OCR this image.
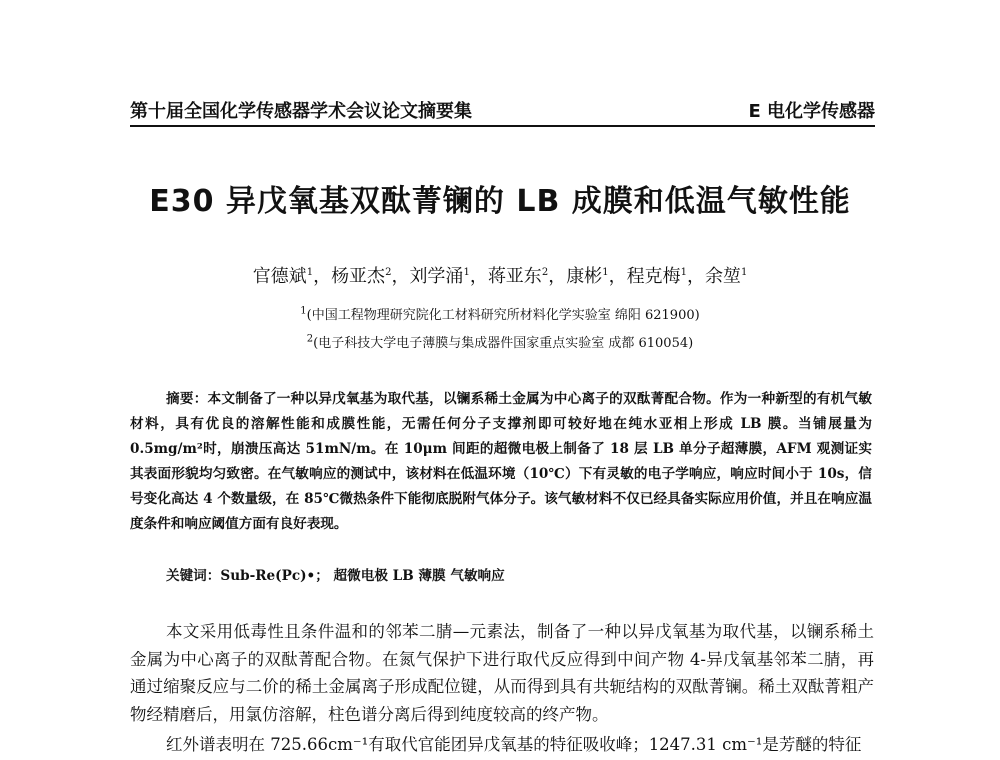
第十届全国化学传感器学术会议论文摘要集	E 电化学传感器
E30 异戊氧基双酞菁镧的 LB 成膜和低温气敏性能
官德斌$^1$，杨亚杰$^2$，刘学涌$^1$，蒋亚东$^2$，康彬$^1$，程克梅$^1$，余堃$^1$
$^1$(中国工程物理研究院化工材料研究所材料化学实验室 绵阳 621900)
$^2$(电子科技大学电子薄膜与集成器件国家重点实验室 成都 610054)

摘要：本文制备了一种以异戊氧基为取代基，以镧系稀土金属为中心离子的双酞菁配合物。作为一种新型的有机气敏材料，具有优良的溶解性能和成膜性能，无需任何分子支撑剂即可较好地在纯水亚相上形成 LB 膜。当铺展量为 0.5mg/m²时，崩溃压高达 51mN/m。在 10μm 间距的超微电极上制备了 18 层 LB 单分子超薄膜，AFM 观测证实其表面形貌均匀致密。在气敏响应的测试中，该材料在低温环境（10℃）下有灵敏的电子学响应，响应时间小于 10s，信号变化高达 4 个数量级，在 85℃微热条件下能彻底脱附气体分子。该气敏材料不仅已经具备实际应用价值，并且在响应温度条件和响应阈值方面有良好表现。

关键词：Sub-Re(Pc)•； 超微电极 LB 薄膜 气敏响应

本文采用低毒性且条件温和的邻苯二腈—元素法，制备了一种以异戊氧基为取代基，以镧系稀土金属为中心离子的双酞菁配合物。在氮气保护下进行取代反应得到中间产物 4-异戊氧基邻苯二腈，再通过缩聚反应与二价的稀土金属离子形成配位键，从而得到具有共轭结构的双酞菁镧。稀土双酞菁粗产物经精磨后，用氯仿溶解，柱色谱分离后得到纯度较高的终产物。

红外谱表明在 725.66cm⁻¹有取代官能团异戊氧基的特征吸收峰；1247.31 cm⁻¹是芳醚的特征
